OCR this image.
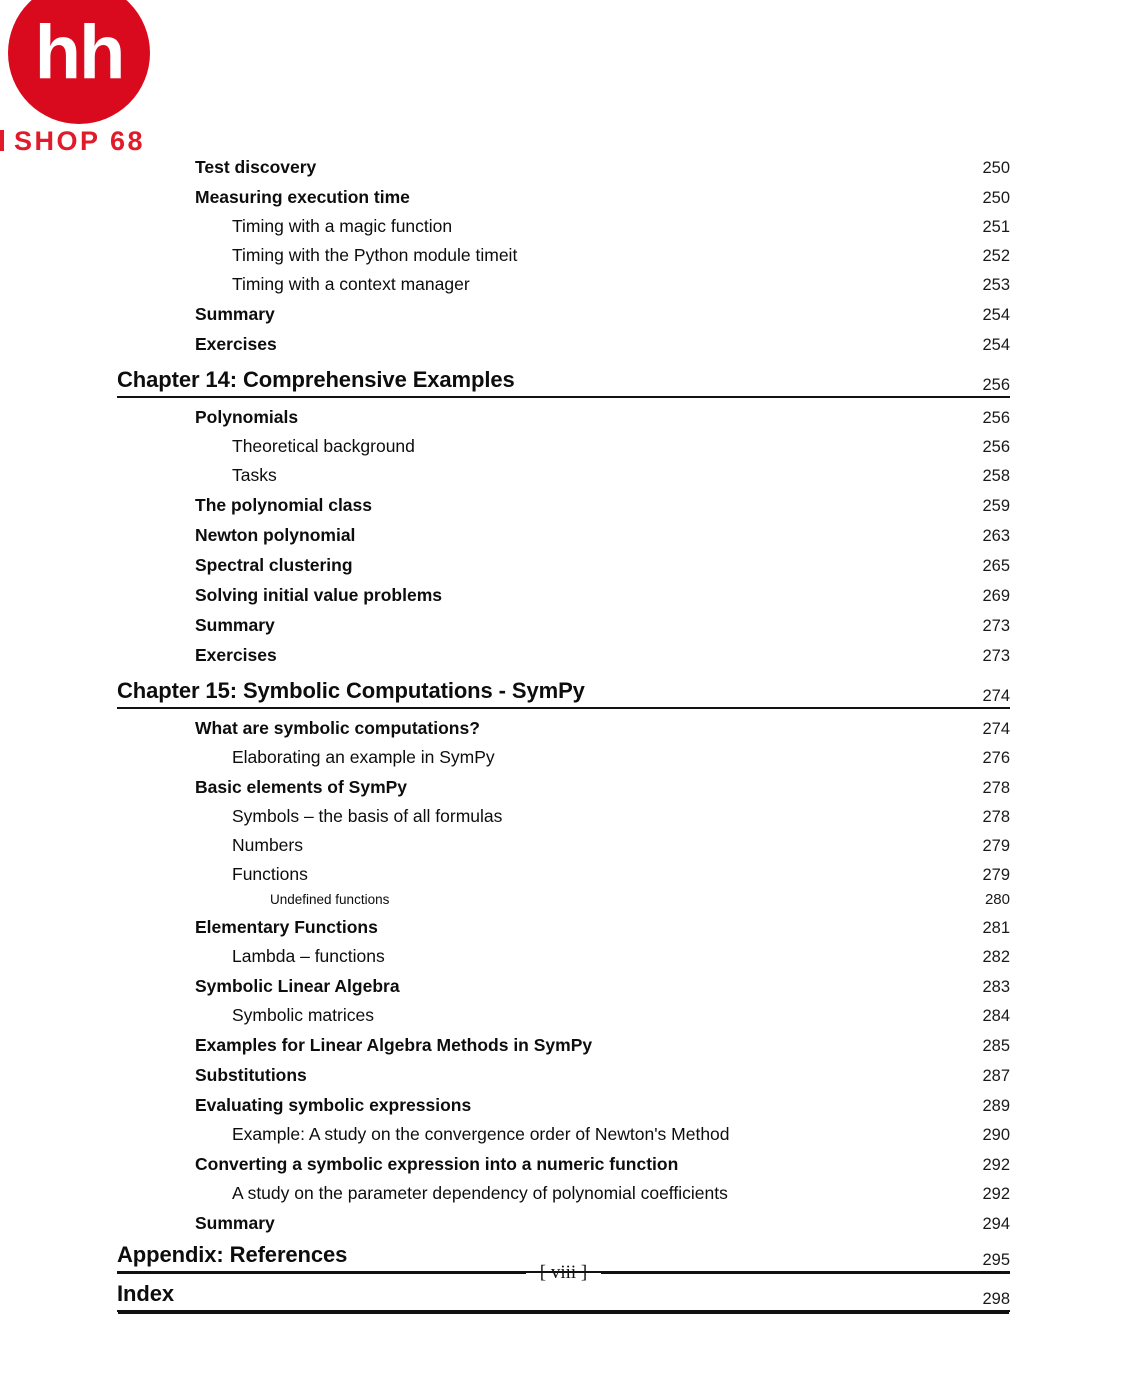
hh
SHOP 68
Test discovery	250
Measuring execution time	250
Timing with a magic function	251
Timing with the Python module timeit	252
Timing with a context manager	253
Summary	254
Exercises	254
Chapter 14: Comprehensive Examples	256
Polynomials	256
Theoretical background	256
Tasks	258
The polynomial class	259
Newton polynomial	263
Spectral clustering	265
Solving initial value problems	269
Summary	273
Exercises	273
Chapter 15: Symbolic Computations - SymPy	274
What are symbolic computations?	274
Elaborating an example in SymPy	276
Basic elements of SymPy	278
Symbols – the basis of all formulas	278
Numbers	279
Functions	279
Undefined functions	280
Elementary Functions	281
Lambda – functions	282
Symbolic Linear Algebra	283
Symbolic matrices	284
Examples for Linear Algebra Methods in SymPy	285
Substitutions	287
Evaluating symbolic expressions	289
Example: A study on the convergence order of Newton's Method	290
Converting a symbolic expression into a numeric function	292
A study on the parameter dependency of polynomial coefficients	292
Summary	294
Appendix: References	295
Index	298
[ viii ]
